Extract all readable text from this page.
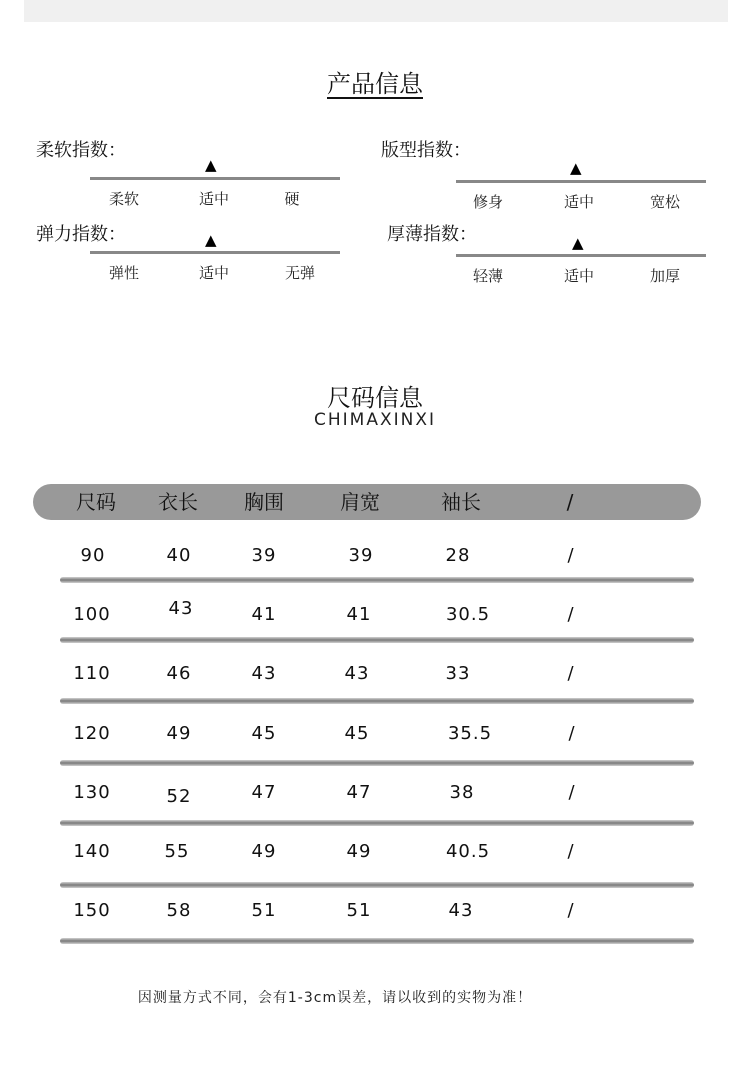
产品信息
柔软指数：
▲
柔软	适中	硬
版型指数：
▲
修身	适中	宽松
弹力指数：	▲
弹性	适中	无弹
厚薄指数：	▲
轻薄	适中	加厚
尺码信息
CHIMAXINXI
尺码	衣长	胸围	肩宽	袖长	/
90	40	39	39	28	/
100	43	41	41	30.5	/
110	46	43	43	33	/
120	49	45	45	35.5	/
130	52	47	47	38	/
140	55	49	49	40.5	/
150	58	51	51	43	/
因测量方式不同，会有1-3cm误差，请以收到的实物为准！
